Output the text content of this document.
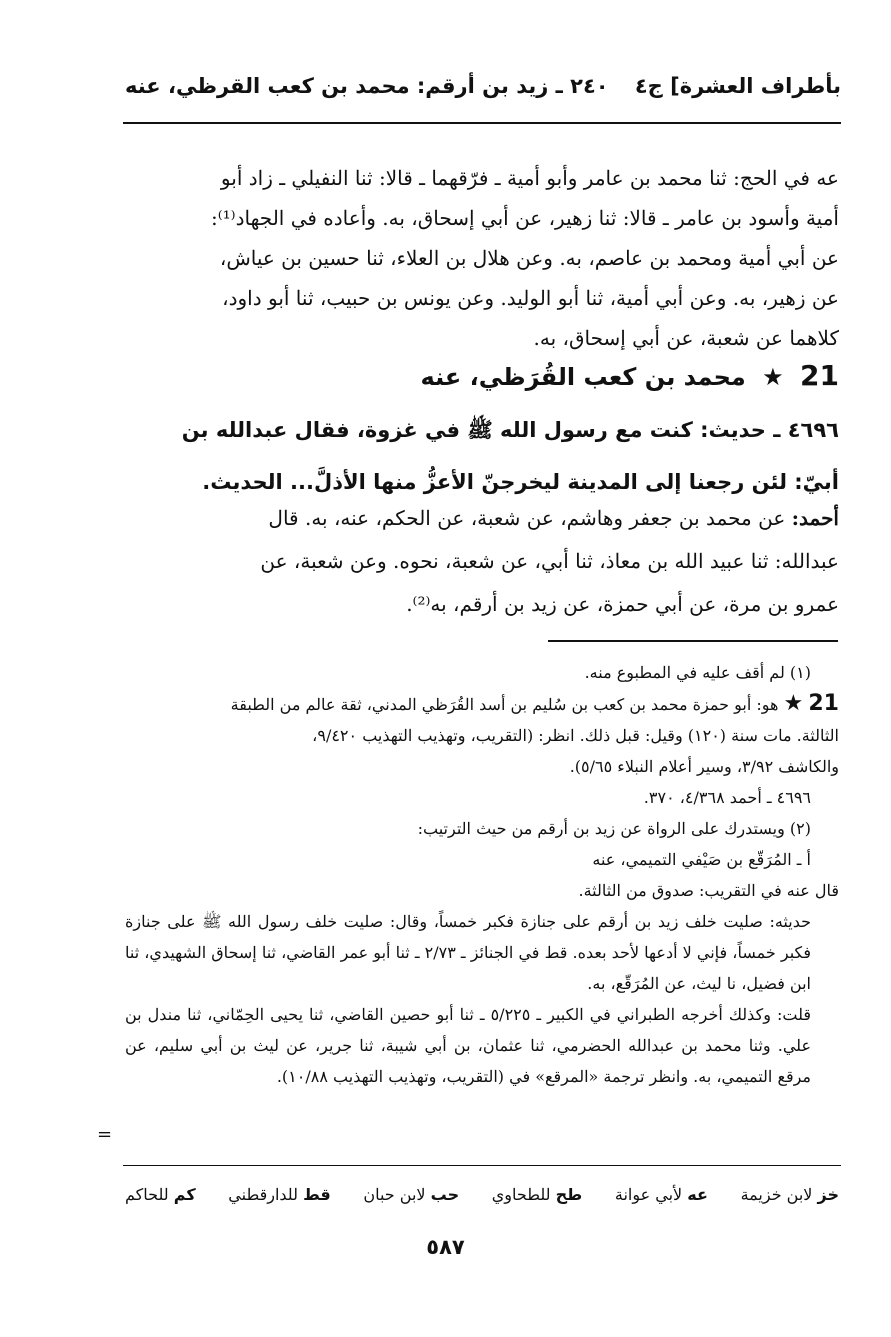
بأطراف العشرة] ج٤
٢٤٠ ـ زيد بن أرقم: محمد بن كعب القرظي، عنه

عه في الحج: ثنا محمد بن عامر وأبو أمية ـ فرّقهما ـ قالا: ثنا النفيلي ـ زاد أبو

أمية وأسود بن عامر ـ قالا: ثنا زهير، عن أبي إسحاق، به. وأعاده في الجهاد⁽¹⁾:

عن أبي أمية ومحمد بن عاصم، به. وعن هلال بن العلاء، ثنا حسين بن عياش،

عن زهير، به. وعن أبي أمية، ثنا أبو الوليد. وعن يونس بن حبيب، ثنا أبو داود،

كلاهما عن شعبة، عن أبي إسحاق، به.

21 ★ محمد بن كعب القُرَظي، عنه
٤٦٩٦ ـ حديث: كنت مع رسول الله ﷺ في غزوة، فقال عبدالله بن
أبيّ: لئن رجعنا إلى المدينة ليخرجنّ الأعزُّ منها الأذلَّ... الحديث.
أحمد: عن محمد بن جعفر وهاشم، عن شعبة، عن الحكم، عنه، به. قال
عبدالله: ثنا عبيد الله بن معاذ، ثنا أبي، عن شعبة، نحوه. وعن شعبة، عن
عمرو بن مرة، عن أبي حمزة، عن زيد بن أرقم، به⁽²⁾.

(١) لم أقف عليه في المطبوع منه.

21 ★ هو: أبو حمزة محمد بن كعب بن سُليم بن أسد القُرَظي المدني، ثقة عالم من الطبقة

الثالثة. مات سنة (١٢٠) وقيل: قبل ذلك. انظر: (التقريب، وتهذيب التهذيب ٩/٤٢٠،

والكاشف ٣/٩٢، وسير أعلام النبلاء ٥/٦٥).

٤٦٩٦ ـ أحمد ٤/٣٦٨، ٣٧٠.

(٢) ويستدرك على الرواة عن زيد بن أرقم من حيث الترتيب:

أ ـ المُرَقّع بن صَيْفي التميمي، عنه

قال عنه في التقريب: صدوق من الثالثة.

حديثه: صليت خلف زيد بن أرقم على جنازة فكبر خمساً، وقال: صليت خلف رسول الله ﷺ على جنازة فكبر خمساً، فإني لا أدعها لأحد بعده. قط في الجنائز ـ ٢/٧٣ ـ ثنا أبو عمر القاضي، ثنا إسحاق الشهيدي، ثنا ابن فضيل، نا ليث، عن المُرَقّع، به.

قلت: وكذلك أخرجه الطبراني في الكبير ـ ٥/٢٢٥ ـ ثنا أبو حصين القاضي، ثنا يحيى الحِمّاني، ثنا مندل بن علي. وثنا محمد بن عبدالله الحضرمي، ثنا عثمان، بن أبي شيبة، ثنا جرير، عن ليث بن أبي سليم، عن مرقع التميمي، به. وانظر ترجمة «المرقع» في (التقريب، وتهذيب التهذيب ١٠/٨٨).

=
خز لابن خزيمة
عه لأبي عوانة
طح للطحاوي
حب لابن حبان
قط للدارقطني
كم للحاكم
٥٨٧
